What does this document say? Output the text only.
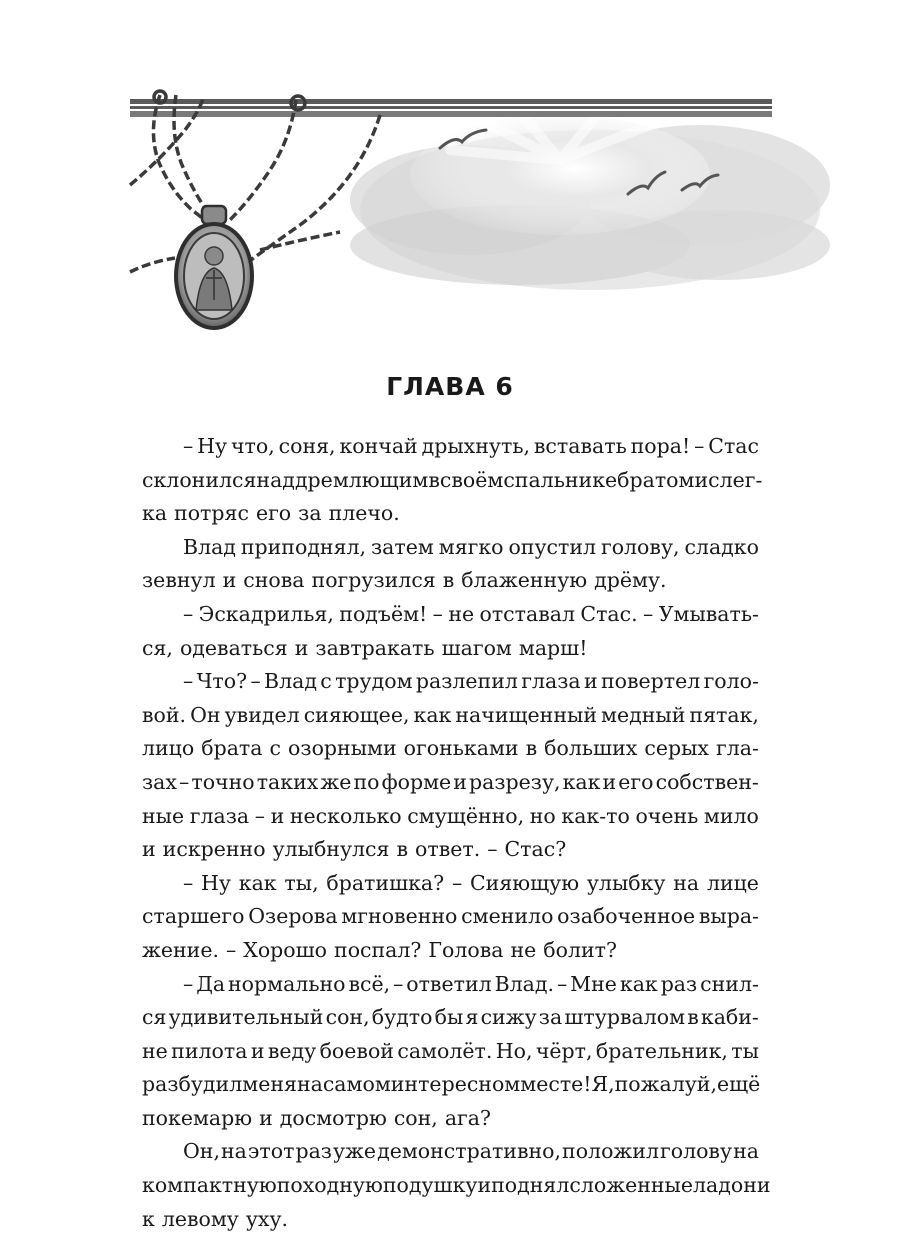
ГЛАВА 6
– Ну что, соня, кончай дрыхнуть, вставать пора! – Стас
склонился над дремлющим в своём спальнике братом и слег-
ка потряс его за плечо.
Влад приподнял, затем мягко опустил голову, сладко
зевнул и снова погрузился в блаженную дрёму.
– Эскадрилья, подъём! – не отставал Стас. – Умывать-
ся, одеваться и завтракать шагом марш!
– Что? – Влад с трудом разлепил глаза и повертел голо-
вой. Он увидел сияющее, как начищенный медный пятак,
лицо брата с озорными огоньками в больших серых гла-
зах – точно таких же по форме и разрезу, как и его собствен-
ные глаза – и несколько смущённо, но как-то очень мило
и искренно улыбнулся в ответ. – Стас?
– Ну как ты, братишка? – Сияющую улыбку на лице
старшего Озерова мгновенно сменило озабоченное выра-
жение. – Хорошо поспал? Голова не болит?
– Да нормально всё, – ответил Влад. – Мне как раз снил-
ся удивительный сон, будто бы я сижу за штурвалом в каби-
не пилота и веду боевой самолёт. Но, чёрт, брательник, ты
разбудил меня на самом интересном месте! Я, пожалуй, ещё
покемарю и досмотрю сон, ага?
Он, на этот раз уже демонстративно, положил голову на
компактную походную подушку и поднял сложенные ладони
к левому уху.
